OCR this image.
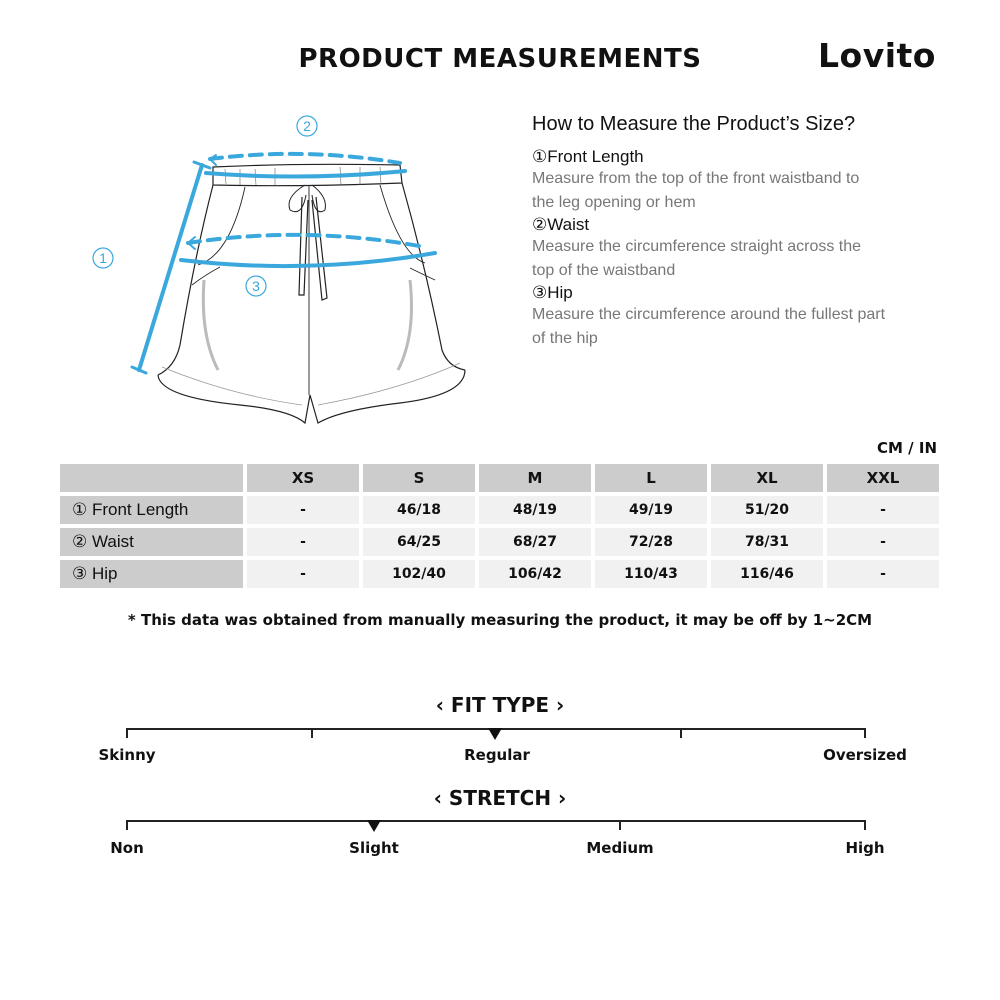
PRODUCT MEASUREMENTS	Lovito
2
1
3
How to Measure the Product’s Size?
①Front Length
Measure from the top of the front waistband to
the leg opening or hem
②Waist
Measure the circumference straight across the
top of the waistband
③Hip
Measure the circumference around the fullest part
of the hip
CM / IN
	XS	S	M	L	XL	XXL
① Front Length	-	46/18	48/19	49/19	51/20	-
② Waist	-	64/25	68/27	72/28	78/31	-
③ Hip	-	102/40	106/42	110/43	116/46	-
* This data was obtained from manually measuring the product, it may be off by 1~2CM
‹ FIT TYPE ›
Skinny	Regular	Oversized
‹ STRETCH ›
Non	Slight	Medium	High
